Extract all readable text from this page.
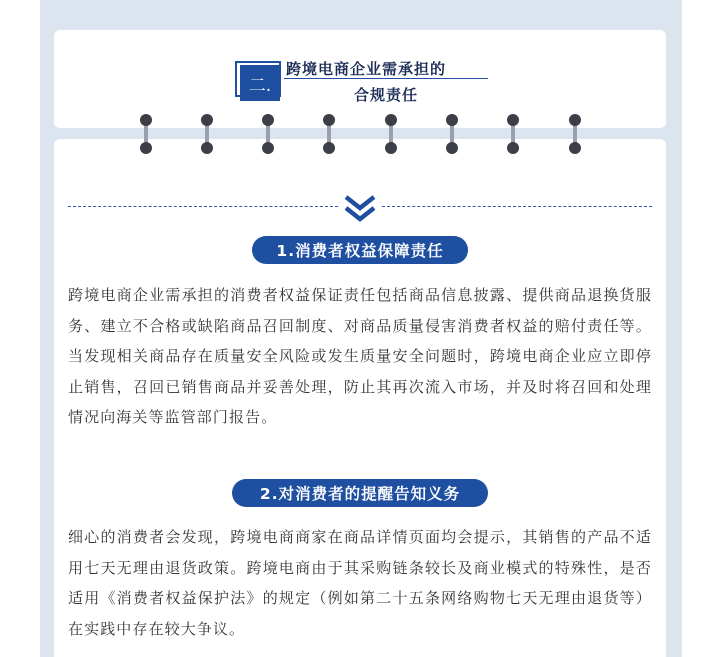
二.
跨境电商企业需承担的
合规责任
1.消费者权益保障责任
跨境电商企业需承担的消费者权益保证责任包括商品信息披露、提供商品退换货服务、建立不合格或缺陷商品召回制度、对商品质量侵害消费者权益的赔付责任等。当发现相关商品存在质量安全风险或发生质量安全问题时，跨境电商企业应立即停止销售，召回已销售商品并妥善处理，防止其再次流入市场，并及时将召回和处理情况向海关等监管部门报告。
2.对消费者的提醒告知义务
细心的消费者会发现，跨境电商商家在商品详情页面均会提示，其销售的产品不适用七天无理由退货政策。跨境电商由于其采购链条较长及商业模式的特殊性，是否适用《消费者权益保护法》的规定（例如第二十五条网络购物七天无理由退货等）在实践中存在较大争议。
